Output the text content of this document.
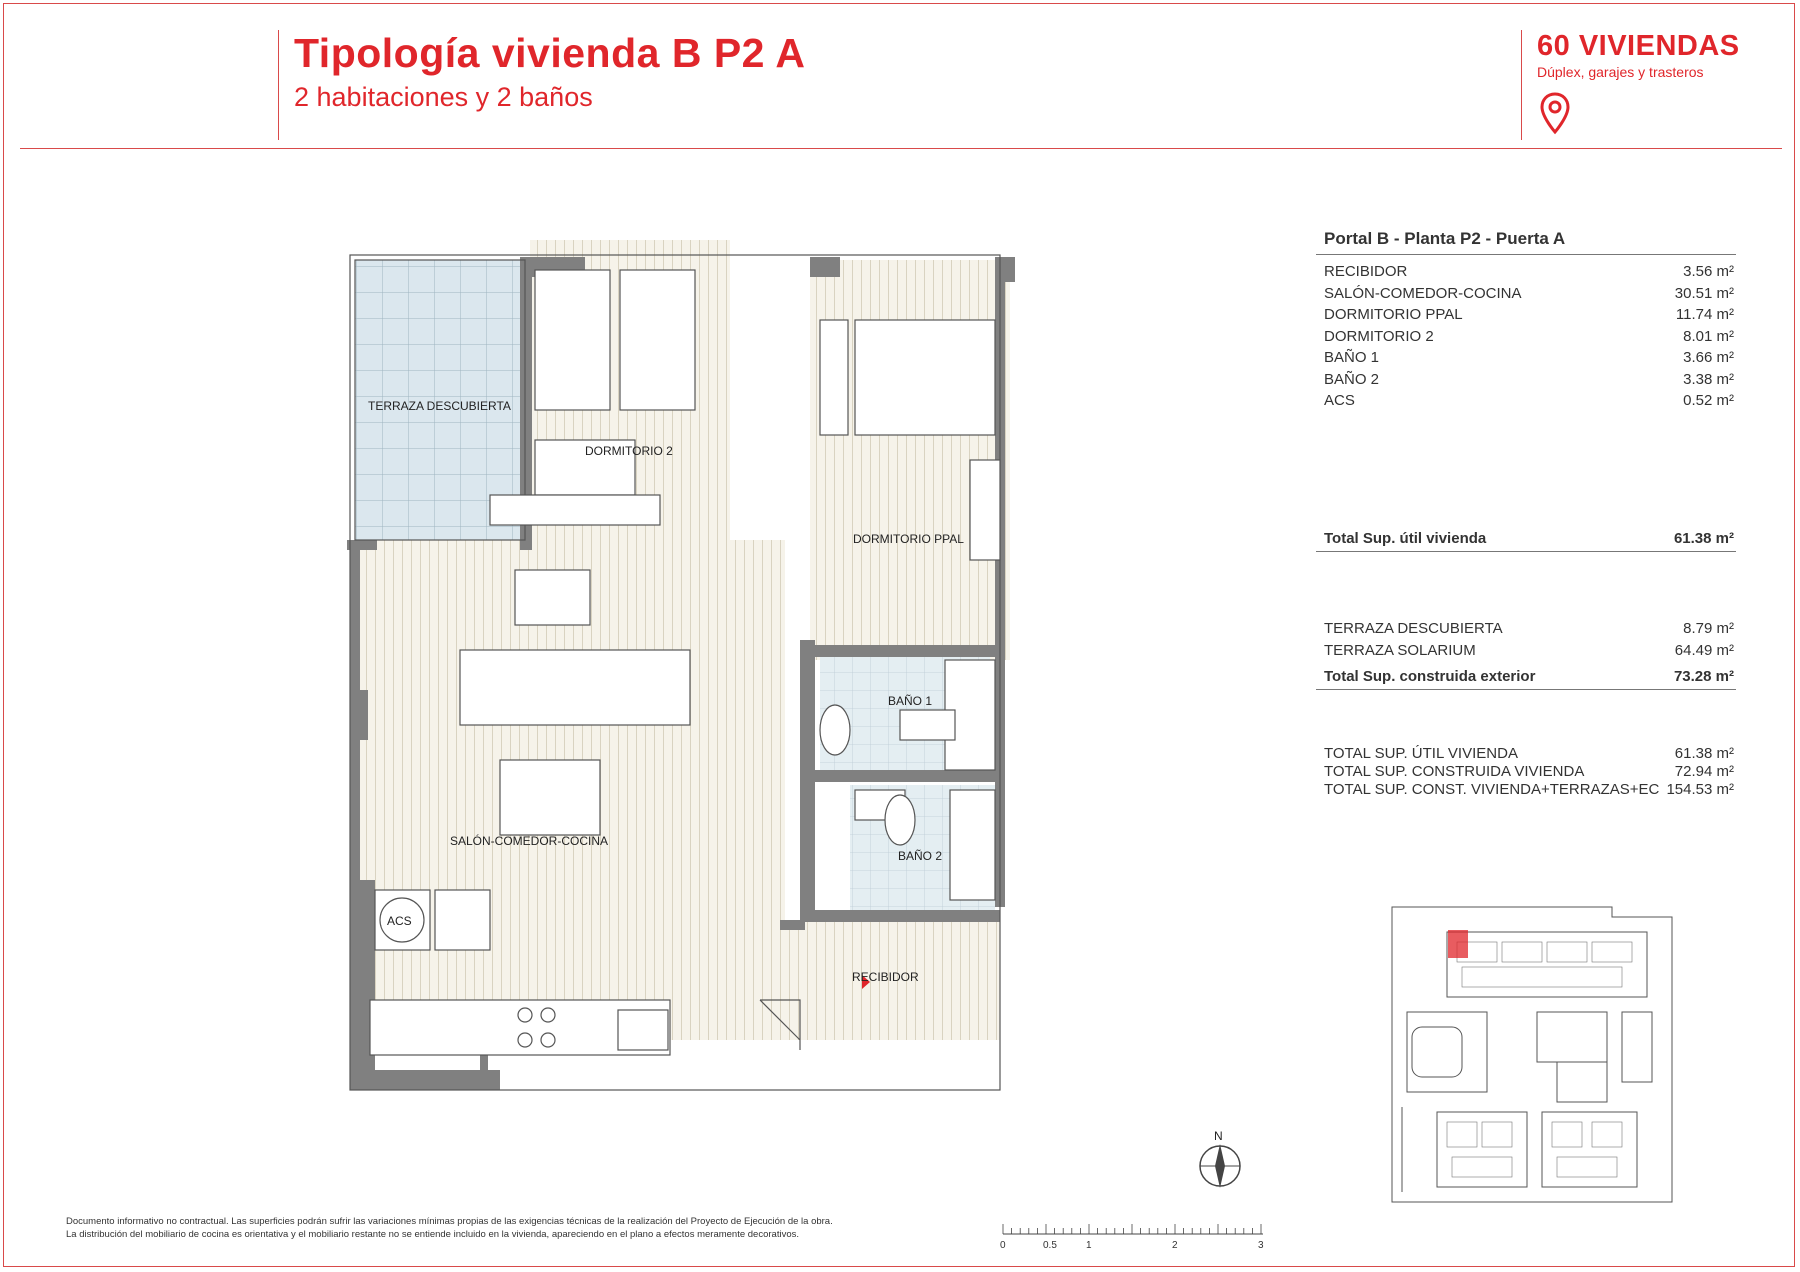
Tipología vivienda B P2 A
2 habitaciones y 2 baños
60 VIVIENDAS
Dúplex, garajes y trasteros
TERRAZA DESCUBIERTA
DORMITORIO 2
DORMITORIO PPAL
BAÑO 1
BAÑO 2
SALÓN-COMEDOR-COCINA
ACS
RECIBIDOR
Portal B - Planta P2 - Puerta A
RECIBIDOR	3.56 m²
SALÓN-COMEDOR-COCINA	30.51 m²
DORMITORIO PPAL	11.74 m²
DORMITORIO 2	8.01 m²
BAÑO 1	3.66 m²
BAÑO 2	3.38 m²
ACS	0.52 m²
Total Sup. útil vivienda	61.38 m²
TERRAZA DESCUBIERTA	8.79 m²
TERRAZA SOLARIUM	64.49 m²
Total Sup. construida exterior	73.28 m²
TOTAL SUP. ÚTIL VIVIENDA	61.38 m²
TOTAL SUP. CONSTRUIDA VIVIENDA	72.94 m²
TOTAL SUP. CONST. VIVIENDA+TERRAZAS+EC 154.53 m²
N
0	0.5	1	2	3
Documento informativo no contractual. Las superficies podrán sufrir las variaciones mínimas propias de las exigencias técnicas de la realización del Proyecto de Ejecución de la obra.
La distribución del mobiliario de cocina es orientativa y el mobiliario restante no se entiende incluido en la vivienda, apareciendo en el plano a efectos meramente decorativos.
